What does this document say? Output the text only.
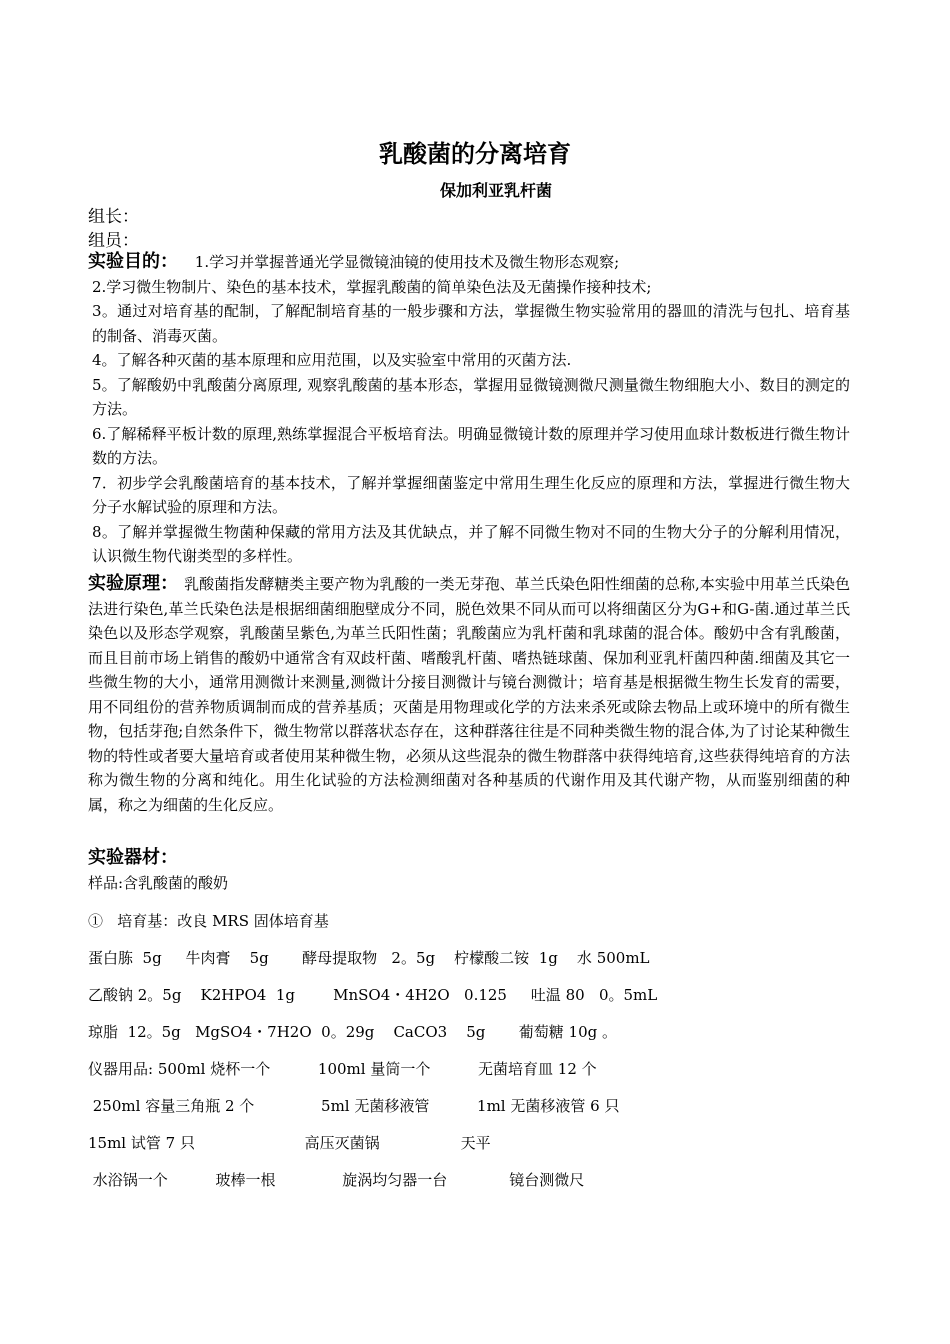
乳酸菌的分离培育
保加利亚乳杆菌
组长：
组员：

实验目的： 1.学习并掌握普通光学显微镜油镜的使用技术及微生物形态观察;

2.学习微生物制片、染色的基本技术，掌握乳酸菌的简单染色法及无菌操作接种技术;

3。通过对培育基的配制，了解配制培育基的一般步骤和方法，掌握微生物实验常用的器皿的清洗与包扎、培育基的制备、消毒灭菌。

4。了解各种灭菌的基本原理和应用范围，以及实验室中常用的灭菌方法.

5。了解酸奶中乳酸菌分离原理, 观察乳酸菌的基本形态，掌握用显微镜测微尺测量微生物细胞大小、数目的测定的方法。

6.了解稀释平板计数的原理,熟练掌握混合平板培育法。明确显微镜计数的原理并学习使用血球计数板进行微生物计数的方法。

7．初步学会乳酸菌培育的基本技术，了解并掌握细菌鉴定中常用生理生化反应的原理和方法，掌握进行微生物大分子水解试验的原理和方法。

8。了解并掌握微生物菌种保藏的常用方法及其优缺点，并了解不同微生物对不同的生物大分子的分解利用情况，认识微生物代谢类型的多样性。

实验原理： 乳酸菌指发酵糖类主要产物为乳酸的一类无芽孢、革兰氏染色阳性细菌的总称,本实验中用革兰氏染色法进行染色,革兰氏染色法是根据细菌细胞壁成分不同，脱色效果不同从而可以将细菌区分为G+和G-菌.通过革兰氏染色以及形态学观察，乳酸菌呈紫色,为革兰氏阳性菌；乳酸菌应为乳杆菌和乳球菌的混合体。酸奶中含有乳酸菌，而且目前市场上销售的酸奶中通常含有双歧杆菌、嗜酸乳杆菌、嗜热链球菌、保加利亚乳杆菌四种菌.细菌及其它一些微生物的大小，通常用测微计来测量,测微计分接目测微计与镜台测微计；培育基是根据微生物生长发育的需要，用不同组份的营养物质调制而成的营养基质；灭菌是用物理或化学的方法来杀死或除去物品上或环境中的所有微生物，包括芽孢;自然条件下，微生物常以群落状态存在，这种群落往往是不同种类微生物的混合体,为了讨论某种微生物的特性或者要大量培育或者使用某种微生物，必须从这些混杂的微生物群落中获得纯培育,这些获得纯培育的方法称为微生物的分离和纯化。用生化试验的方法检测细菌对各种基质的代谢作用及其代谢产物，从而鉴别细菌的种属，称之为细菌的生化反应。

实验器材：
样品:含乳酸菌的酸奶
①   培育基：改良 MRS 固体培育基
蛋白胨  5g     牛肉膏    5g       酵母提取物   2。5g    柠檬酸二铵  1g    水 500mL
乙酸钠 2。5g    K2HPO4  1g        MnSO4・4H2O   0.125     吐温 80   0。5mL
琼脂  12。5g   MgSO4・7H2O  0。29g    CaCO3    5g       葡萄糖 10g 。
仪器用品: 500ml 烧杯一个          100ml 量筒一个          无菌培育皿 12 个
250ml 容量三角瓶 2 个              5ml 无菌移液管          1ml 无菌移液管 6 只
15ml 试管 7 只                       高压灭菌锅                 天平
水浴锅一个          玻棒一根              旋涡均匀器一台             镜台测微尺
